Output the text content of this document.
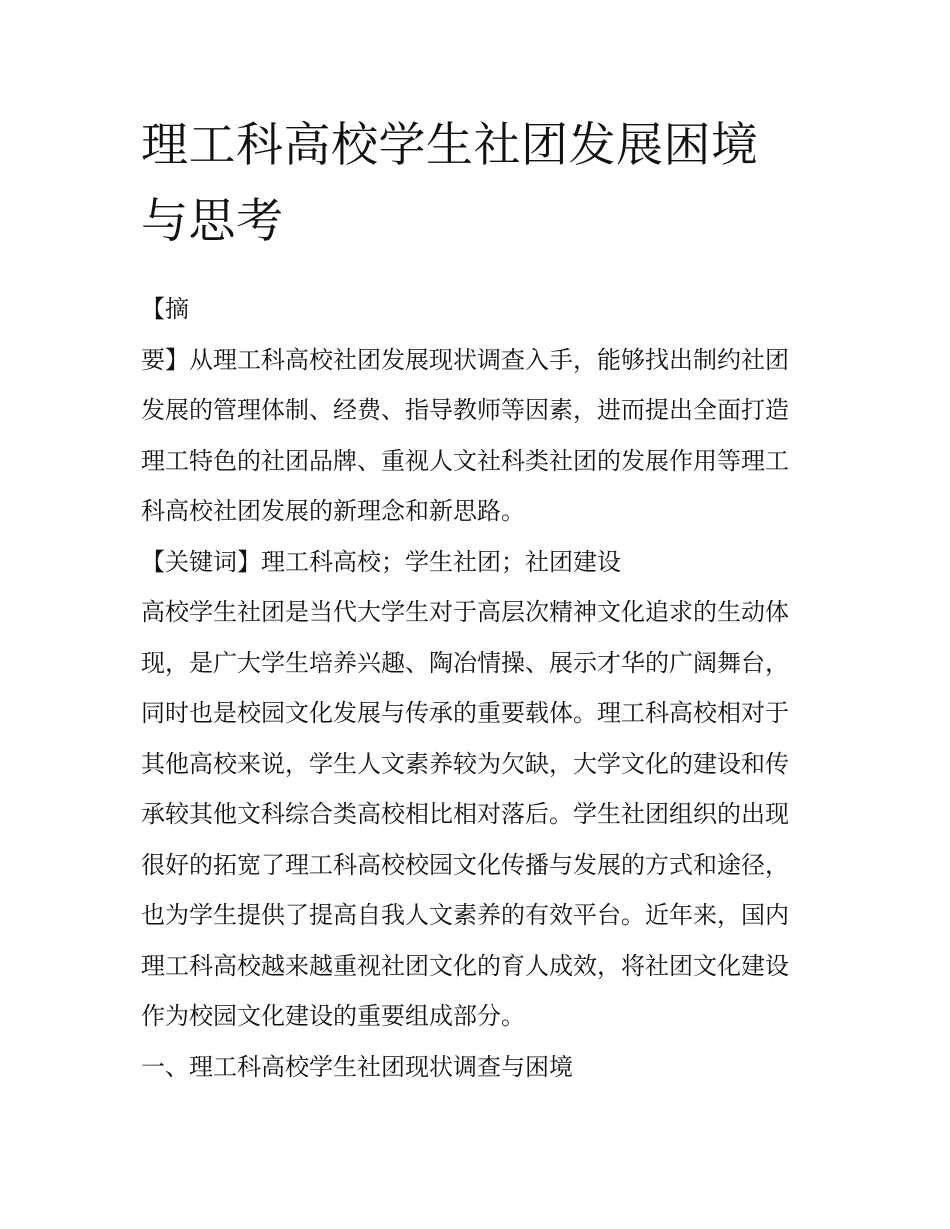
理工科高校学生社团发展困境
与思考
【摘
要】从理工科高校社团发展现状调查入手，能够找出制约社团
发展的管理体制、经费、指导教师等因素，进而提出全面打造
理工特色的社团品牌、重视人文社科类社团的发展作用等理工
科高校社团发展的新理念和新思路。
【关键词】理工科高校；学生社团；社团建设
高校学生社团是当代大学生对于高层次精神文化追求的生动体
现，是广大学生培养兴趣、陶冶情操、展示才华的广阔舞台，
同时也是校园文化发展与传承的重要载体。理工科高校相对于
其他高校来说，学生人文素养较为欠缺，大学文化的建设和传
承较其他文科综合类高校相比相对落后。学生社团组织的出现
很好的拓宽了理工科高校校园文化传播与发展的方式和途径，
也为学生提供了提高自我人文素养的有效平台。近年来，国内
理工科高校越来越重视社团文化的育人成效，将社团文化建设
作为校园文化建设的重要组成部分。
一、理工科高校学生社团现状调查与困境
